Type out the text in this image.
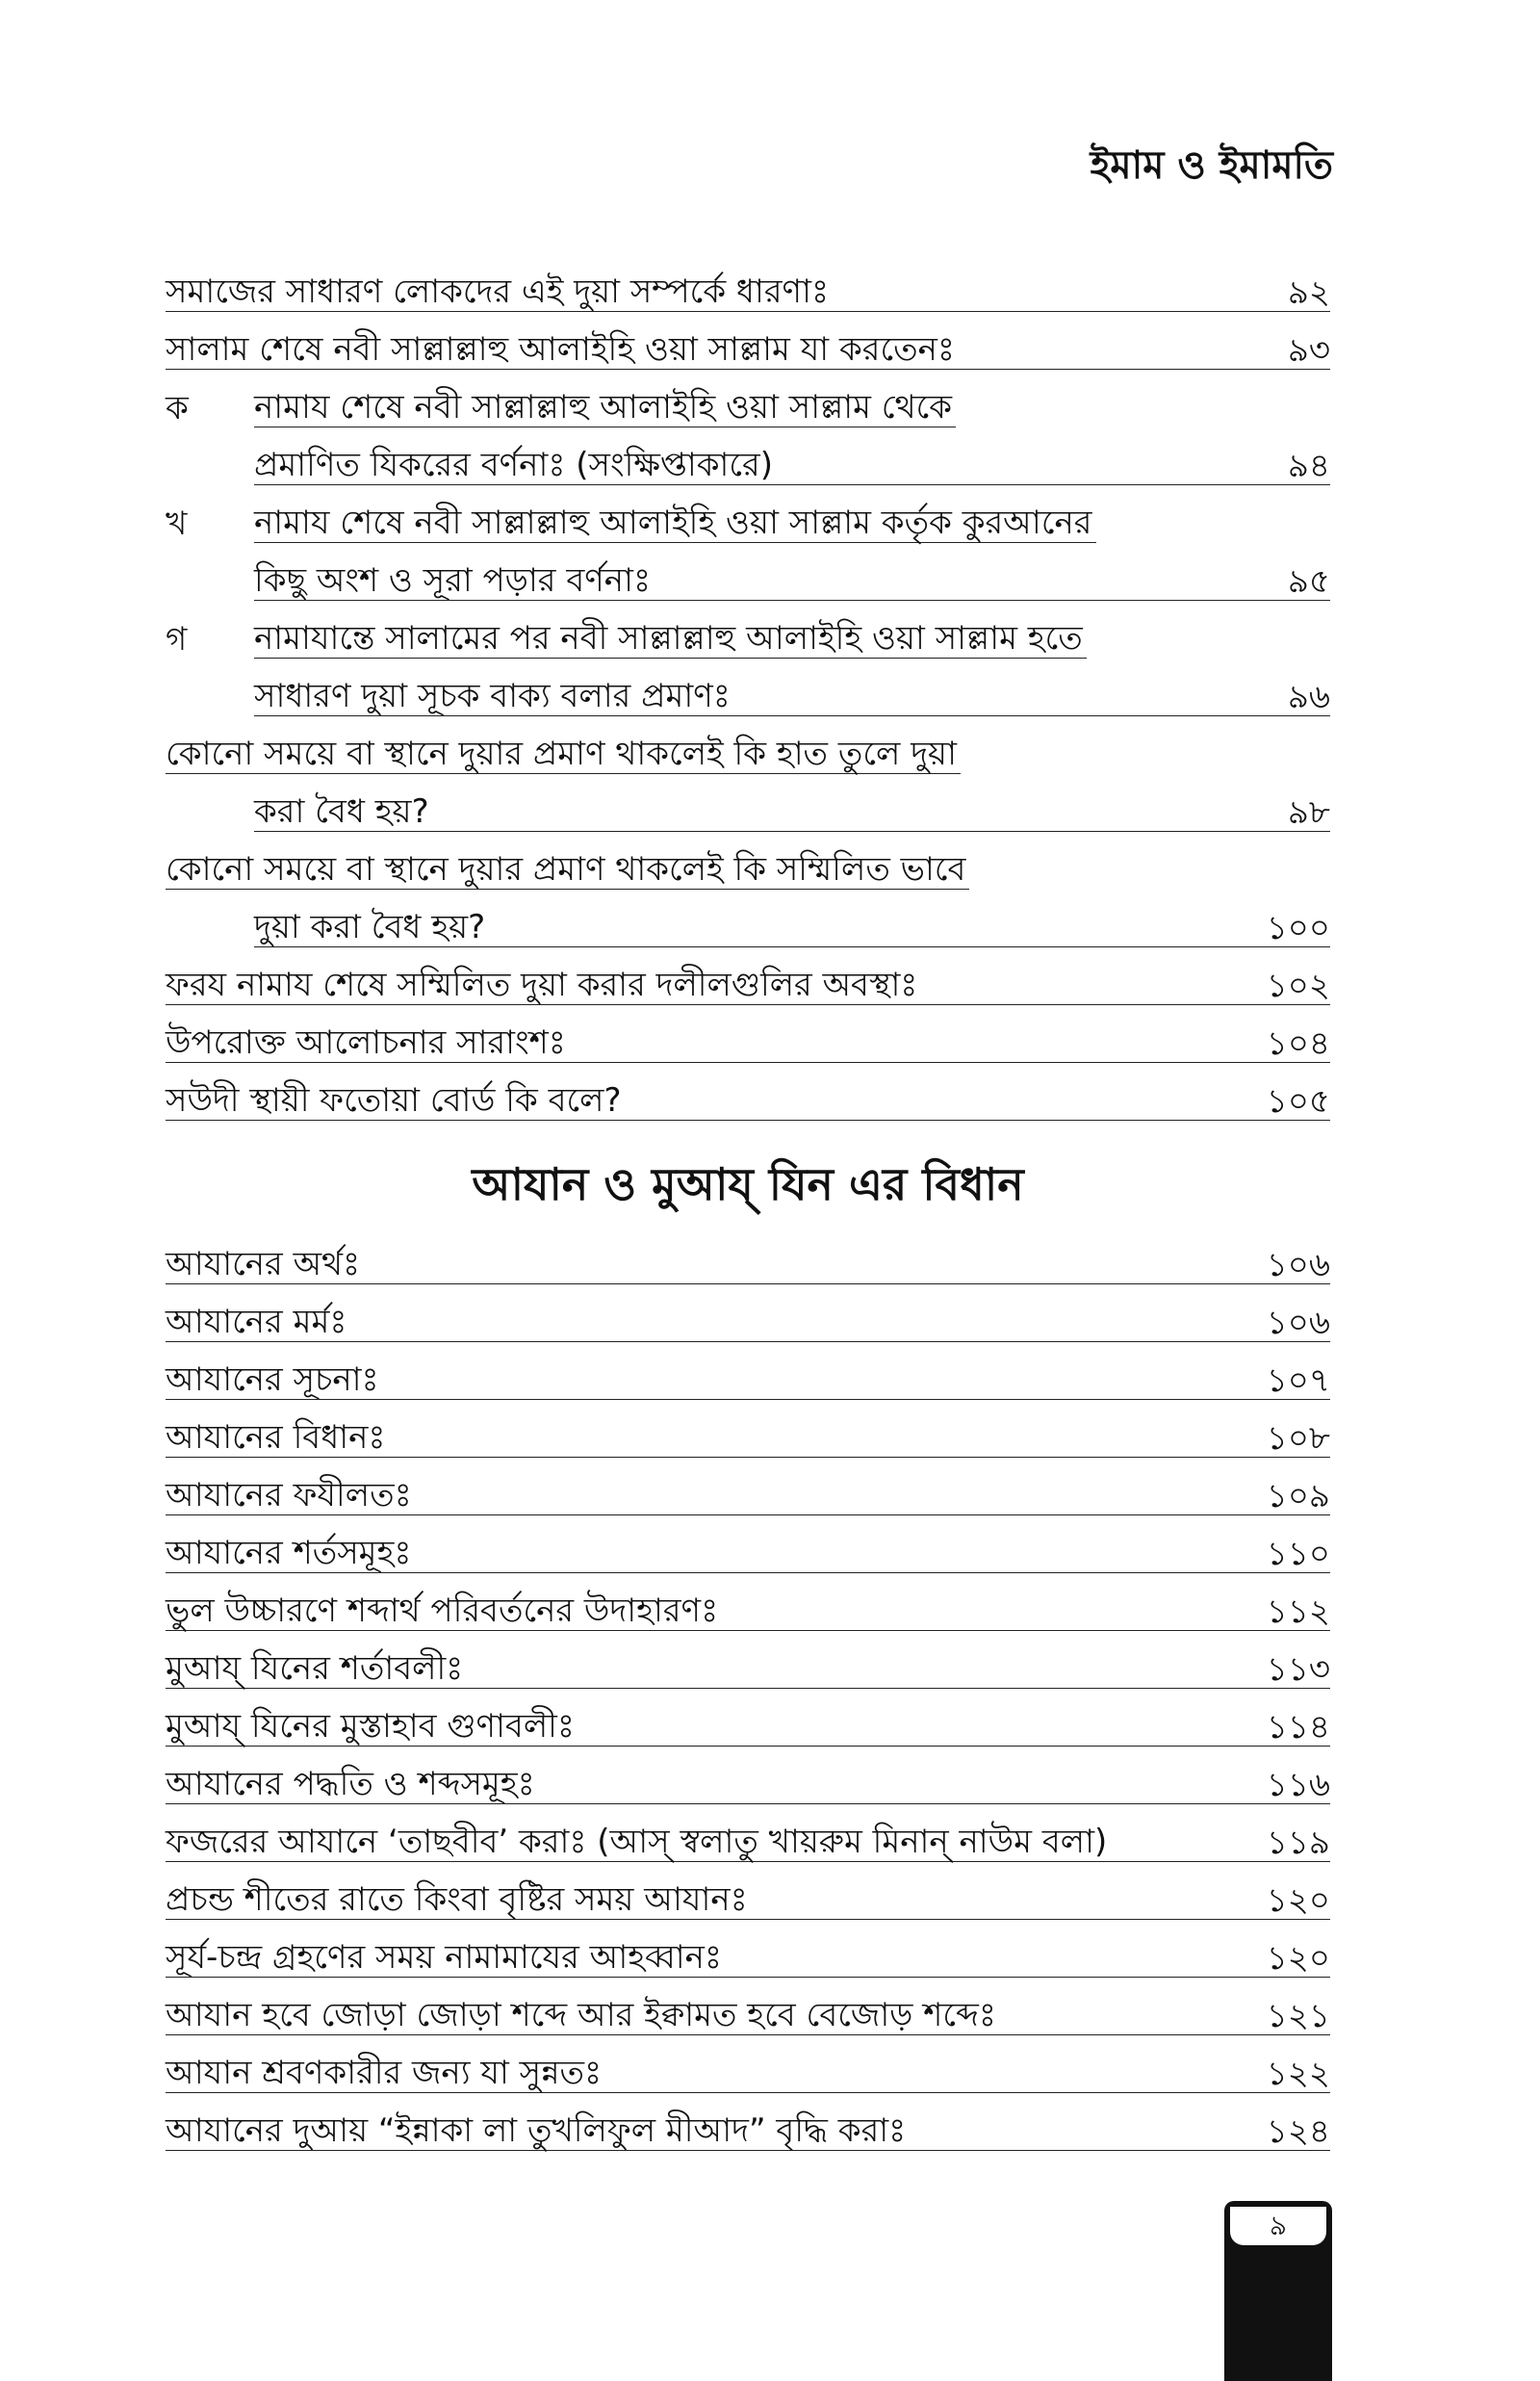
ইমাম ও ইমামতি
সমাজের সাধারণ লোকদের এই দুয়া সম্পর্কে ধারণাঃ	৯২
সালাম শেষে নবী সাল্লাল্লাহু আলাইহি ওয়া সাল্লাম যা করতেনঃ	৯৩
ক নামায শেষে নবী সাল্লাল্লাহু আলাইহি ওয়া সাল্লাম থেকে
প্রমাণিত যিকরের বর্ণনাঃ (সংক্ষিপ্তাকারে)	৯৪
খ নামায শেষে নবী সাল্লাল্লাহু আলাইহি ওয়া সাল্লাম কর্তৃক কুরআনের
কিছু অংশ ও সূরা পড়ার বর্ণনাঃ	৯৫
গ নামাযান্তে সালামের পর নবী সাল্লাল্লাহু আলাইহি ওয়া সাল্লাম হতে
সাধারণ দুয়া সূচক বাক্য বলার প্রমাণঃ	৯৬
কোনো সময়ে বা স্থানে দুয়ার প্রমাণ থাকলেই কি হাত তুলে দুয়া
করা বৈধ হয়?	৯৮
কোনো সময়ে বা স্থানে দুয়ার প্রমাণ থাকলেই কি সম্মিলিত ভাবে
দুয়া করা বৈধ হয়?	১০০
ফরয নামায শেষে সম্মিলিত দুয়া করার দলীলগুলির অবস্থাঃ	১০২
উপরোক্ত আলোচনার সারাংশঃ	১০৪
সউদী স্থায়ী ফতোয়া বোর্ড কি বলে?	১০৫
আযান ও মুআয্ যিন এর বিধান
আযানের অর্থঃ	১০৬
আযানের মর্মঃ	১০৬
আযানের সূচনাঃ	১০৭
আযানের বিধানঃ	১০৮
আযানের ফযীলতঃ	১০৯
আযানের শর্তসমূহঃ	১১০
ভুল উচ্চারণে শব্দার্থ পরিবর্তনের উদাহারণঃ	১১২
মুআয্ যিনের শর্তাবলীঃ	১১৩
মুআয্ যিনের মুস্তাহাব গুণাবলীঃ	১১৪
আযানের পদ্ধতি ও শব্দসমূহঃ	১১৬
ফজরের আযানে ‘তাছবীব’ করাঃ (আস্ স্বলাতু খায়রুম মিনান্ নাউম বলা)	১১৯
প্রচন্ড শীতের রাতে কিংবা বৃষ্টির সময় আযানঃ	১২০
সূর্য-চন্দ্র গ্রহণের সময় নামামাযের আহব্বানঃ	১২০
আযান হবে জোড়া জোড়া শব্দে আর ইক্বামত হবে বেজোড় শব্দেঃ	১২১
আযান শ্রবণকারীর জন্য যা সুন্নতঃ	১২২
আযানের দুআয় “ইন্নাকা লা তুখলিফুল মীআদ” বৃদ্ধি করাঃ	১২৪
৯
